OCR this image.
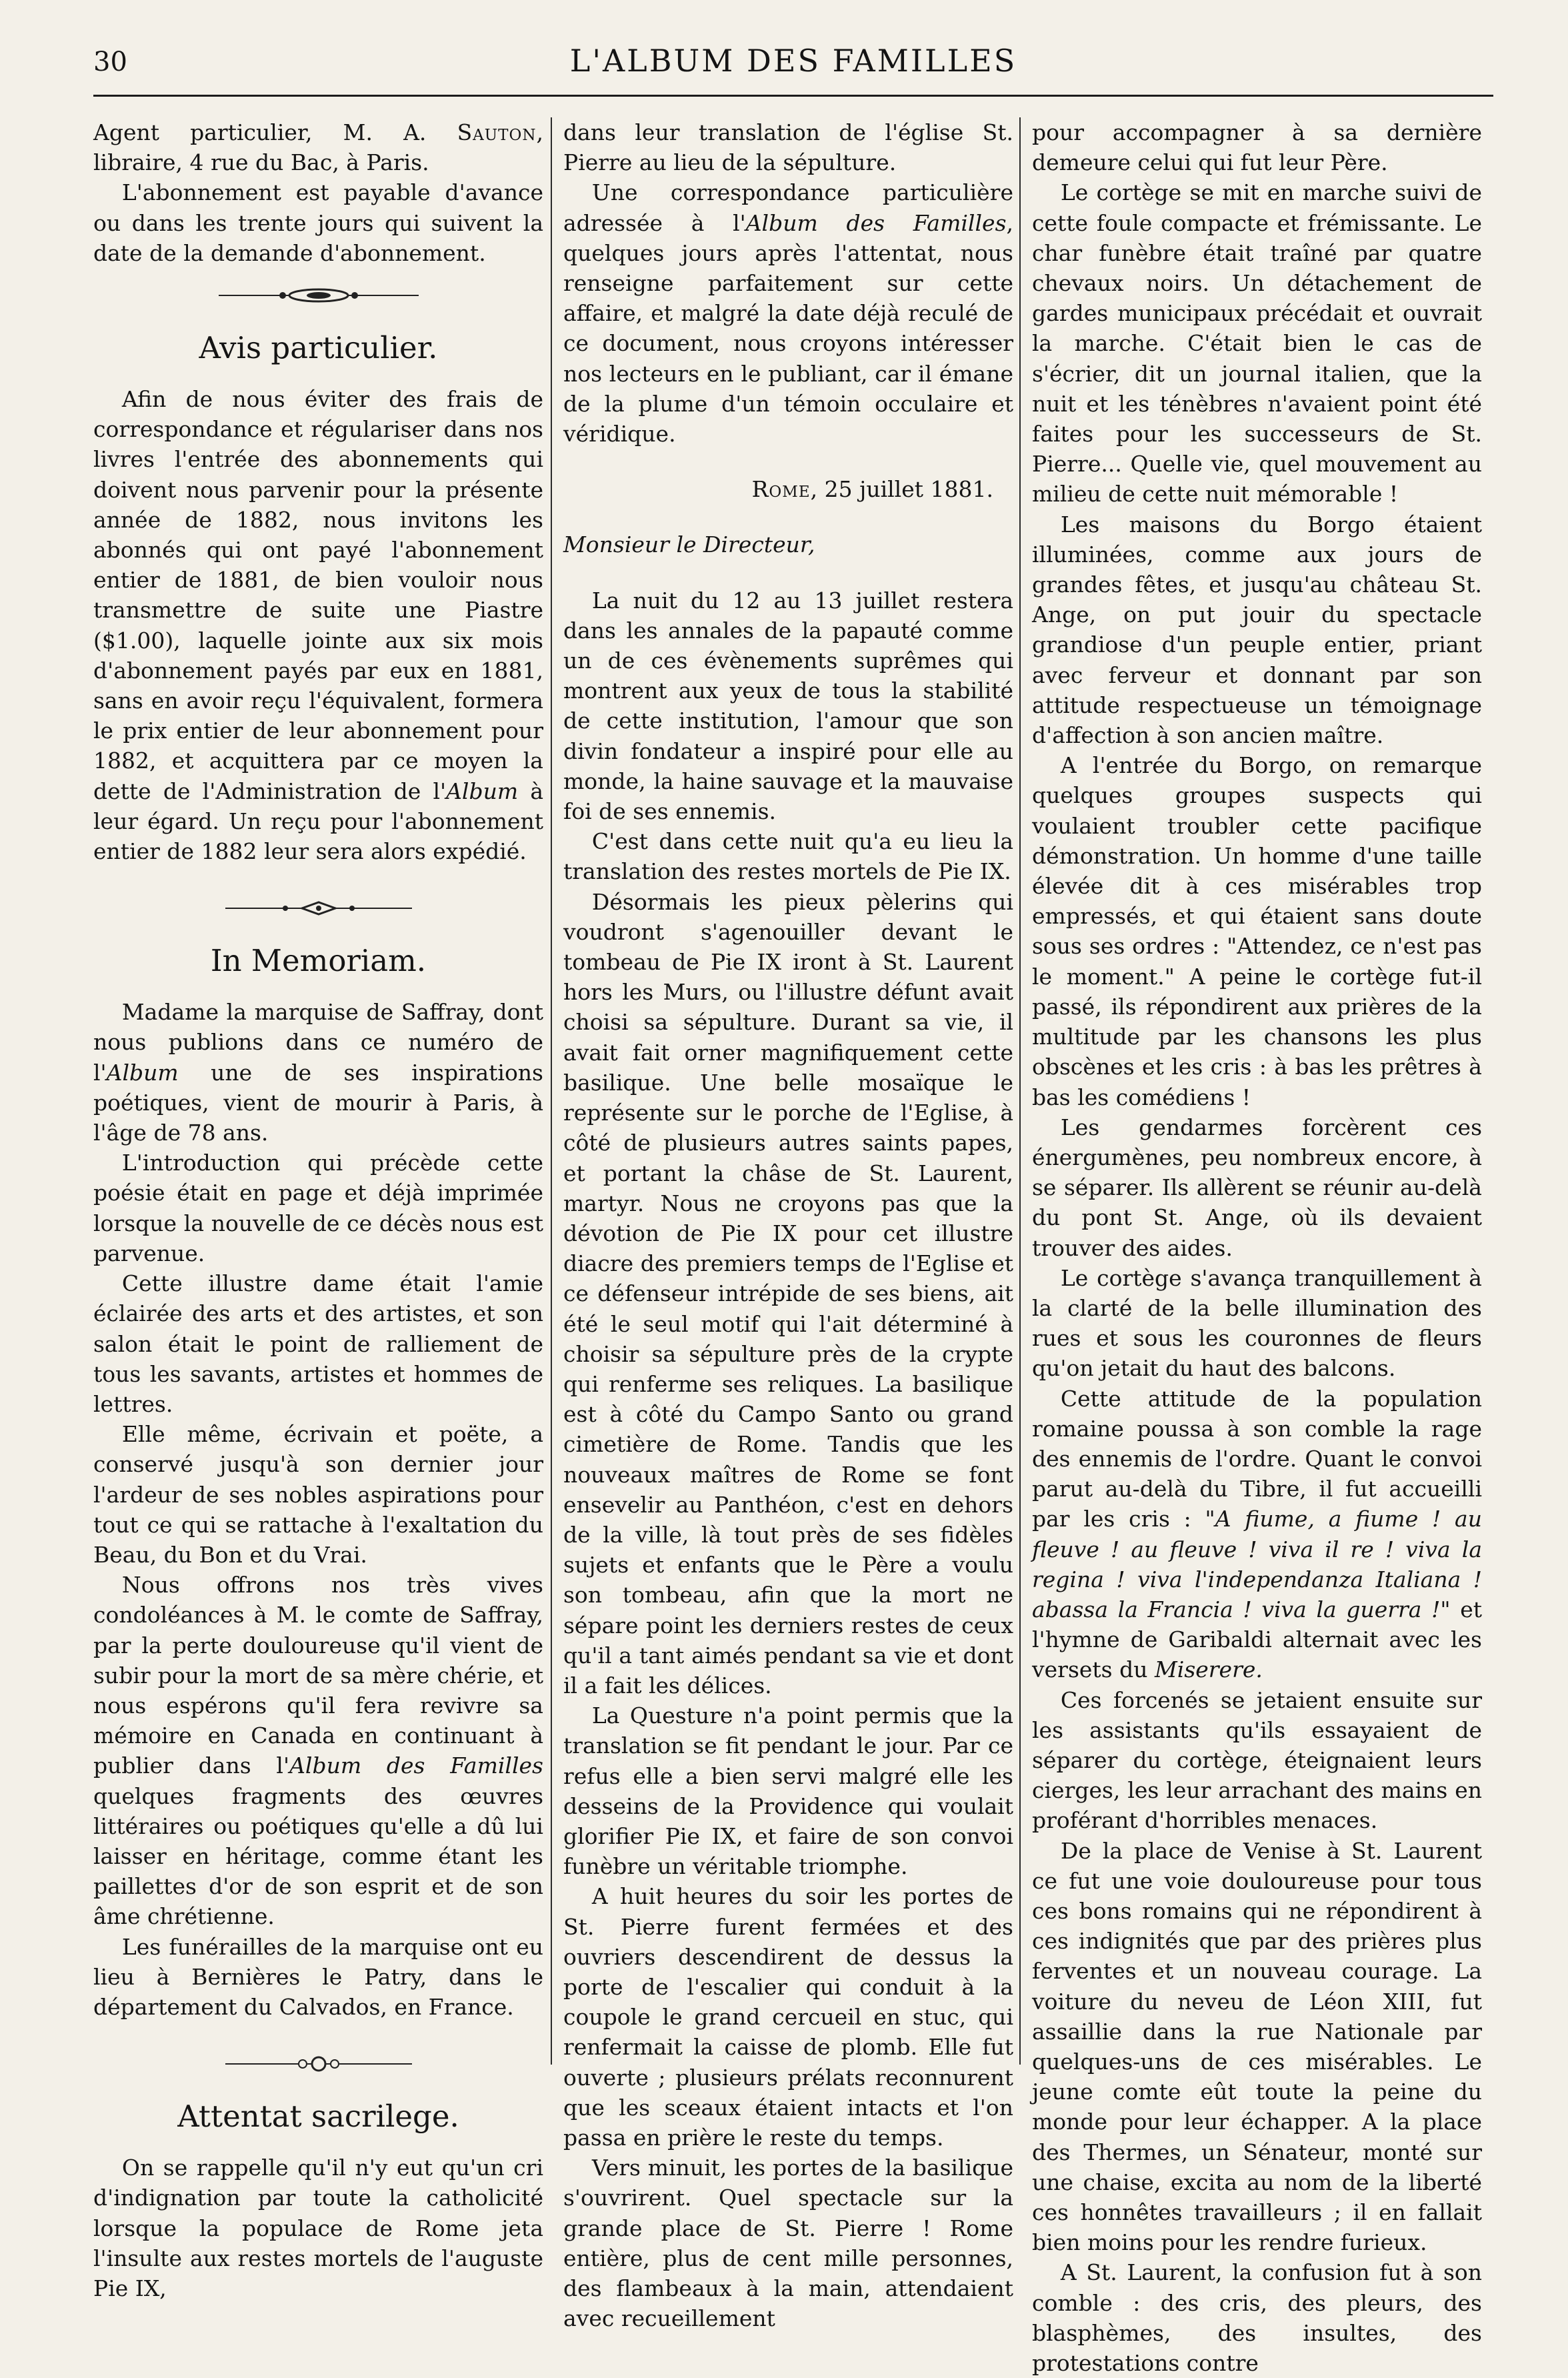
30	L'ALBUM DES FAMILLES

Agent particulier, M. A. Sauton, libraire, 4 rue du Bac, à Paris.

L'abonnement est payable d'avance ou dans les trente jours qui suivent la date de la demande d'abonnement.

Avis particulier.

Afin de nous éviter des frais de correspondance et régulariser dans nos livres l'entrée des abonnements qui doivent nous parvenir pour la présente année de 1882, nous invitons les abonnés qui ont payé l'abonnement entier de 1881, de bien vouloir nous transmettre de suite une Piastre ($1.00), laquelle jointe aux six mois d'abonnement payés par eux en 1881, sans en avoir reçu l'équivalent, formera le prix entier de leur abonnement pour 1882, et acquittera par ce moyen la dette de l'Administration de l'Album à leur égard. Un reçu pour l'abonnement entier de 1882 leur sera alors expédié.

In Memoriam.

Madame la marquise de Saffray, dont nous publions dans ce numéro de l'Album une de ses inspirations poétiques, vient de mourir à Paris, à l'âge de 78 ans.

L'introduction qui précède cette poésie était en page et déjà imprimée lorsque la nouvelle de ce décès nous est parvenue.

Cette illustre dame était l'amie éclairée des arts et des artistes, et son salon était le point de ralliement de tous les savants, artistes et hommes de lettres.

Elle même, écrivain et poëte, a conservé jusqu'à son dernier jour l'ardeur de ses nobles aspirations pour tout ce qui se rattache à l'exaltation du Beau, du Bon et du Vrai.

Nous offrons nos très vives condoléances à M. le comte de Saffray, par la perte douloureuse qu'il vient de subir pour la mort de sa mère chérie, et nous espérons qu'il fera revivre sa mémoire en Canada en continuant à publier dans l'Album des Familles quelques fragments des œuvres littéraires ou poétiques qu'elle a dû lui laisser en héritage, comme étant les paillettes d'or de son esprit et de son âme chrétienne.

Les funérailles de la marquise ont eu lieu à Bernières le Patry, dans le département du Calvados, en France.

Attentat sacrilege.

On se rappelle qu'il n'y eut qu'un cri d'indignation par toute la catholicité lorsque la populace de Rome jeta l'insulte aux restes mortels de l'auguste Pie IX,

dans leur translation de l'église St. Pierre au lieu de la sépulture.

Une correspondance particulière adressée à l'Album des Familles, quelques jours après l'attentat, nous renseigne parfaitement sur cette affaire, et malgré la date déjà reculé de ce document, nous croyons intéresser nos lecteurs en le publiant, car il émane de la plume d'un témoin occulaire et véridique.

Rome, 25 juillet 1881.

Monsieur le Directeur,

La nuit du 12 au 13 juillet restera dans les annales de la papauté comme un de ces évènements suprêmes qui montrent aux yeux de tous la stabilité de cette institution, l'amour que son divin fondateur a inspiré pour elle au monde, la haine sauvage et la mauvaise foi de ses ennemis.

C'est dans cette nuit qu'a eu lieu la translation des restes mortels de Pie IX.

Désormais les pieux pèlerins qui voudront s'agenouiller devant le tombeau de Pie IX iront à St. Laurent hors les Murs, ou l'illustre défunt avait choisi sa sépulture. Durant sa vie, il avait fait orner magnifiquement cette basilique. Une belle mosaïque le représente sur le porche de l'Eglise, à côté de plusieurs autres saints papes, et portant la châse de St. Laurent, martyr. Nous ne croyons pas que la dévotion de Pie IX pour cet illustre diacre des premiers temps de l'Eglise et ce défenseur intrépide de ses biens, ait été le seul motif qui l'ait déterminé à choisir sa sépulture près de la crypte qui renferme ses reliques. La basilique est à côté du Campo Santo ou grand cimetière de Rome. Tandis que les nouveaux maîtres de Rome se font ensevelir au Panthéon, c'est en dehors de la ville, là tout près de ses fidèles sujets et enfants que le Père a voulu son tombeau, afin que la mort ne sépare point les derniers restes de ceux qu'il a tant aimés pendant sa vie et dont il a fait les délices.

La Questure n'a point permis que la translation se fit pendant le jour. Par ce refus elle a bien servi malgré elle les desseins de la Providence qui voulait glorifier Pie IX, et faire de son convoi funèbre un véritable triomphe.

A huit heures du soir les portes de St. Pierre furent fermées et des ouvriers descendirent de dessus la porte de l'escalier qui conduit à la coupole le grand cercueil en stuc, qui renfermait la caisse de plomb. Elle fut ouverte ; plusieurs prélats reconnurent que les sceaux étaient intacts et l'on passa en prière le reste du temps.

Vers minuit, les portes de la basilique s'ouvrirent. Quel spectacle sur la grande place de St. Pierre ! Rome entière, plus de cent mille personnes, des flambeaux à la main, attendaient avec recueillement

pour accompagner à sa dernière demeure celui qui fut leur Père.

Le cortège se mit en marche suivi de cette foule compacte et frémissante. Le char funèbre était traîné par quatre chevaux noirs. Un détachement de gardes municipaux précédait et ouvrait la marche. C'était bien le cas de s'écrier, dit un journal italien, que la nuit et les ténèbres n'avaient point été faites pour les successeurs de St. Pierre... Quelle vie, quel mouvement au milieu de cette nuit mémorable !

Les maisons du Borgo étaient illuminées, comme aux jours de grandes fêtes, et jusqu'au château St. Ange, on put jouir du spectacle grandiose d'un peuple entier, priant avec ferveur et donnant par son attitude respectueuse un témoignage d'affection à son ancien maître.

A l'entrée du Borgo, on remarque quelques groupes suspects qui voulaient troubler cette pacifique démonstration. Un homme d'une taille élevée dit à ces misérables trop empressés, et qui étaient sans doute sous ses ordres : "Attendez, ce n'est pas le moment." A peine le cortège fut-il passé, ils répondirent aux prières de la multitude par les chansons les plus obscènes et les cris : à bas les prêtres à bas les comédiens !

Les gendarmes forcèrent ces énergumènes, peu nombreux encore, à se séparer. Ils allèrent se réunir au-delà du pont St. Ange, où ils devaient trouver des aides.

Le cortège s'avança tranquillement à la clarté de la belle illumination des rues et sous les couronnes de fleurs qu'on jetait du haut des balcons.

Cette attitude de la population romaine poussa à son comble la rage des ennemis de l'ordre. Quant le convoi parut au-delà du Tibre, il fut accueilli par les cris : "A fiume, a fiume ! au fleuve ! au fleuve ! viva il re ! viva la regina ! viva l'independanza Italiana ! abassa la Francia ! viva la guerra !" et l'hymne de Garibaldi alternait avec les versets du Miserere.

Ces forcenés se jetaient ensuite sur les assistants qu'ils essayaient de séparer du cortège, éteignaient leurs cierges, les leur arrachant des mains en proférant d'horribles menaces.

De la place de Venise à St. Laurent ce fut une voie douloureuse pour tous ces bons romains qui ne répondirent à ces indignités que par des prières plus ferventes et un nouveau courage. La voiture du neveu de Léon XIII, fut assaillie dans la rue Nationale par quelques-uns de ces misérables. Le jeune comte eût toute la peine du monde pour leur échapper. A la place des Thermes, un Sénateur, monté sur une chaise, excita au nom de la liberté ces honnêtes travailleurs ; il en fallait bien moins pour les rendre furieux.

A St. Laurent, la confusion fut à son comble : des cris, des pleurs, des blasphèmes, des insultes, des protestations contre
